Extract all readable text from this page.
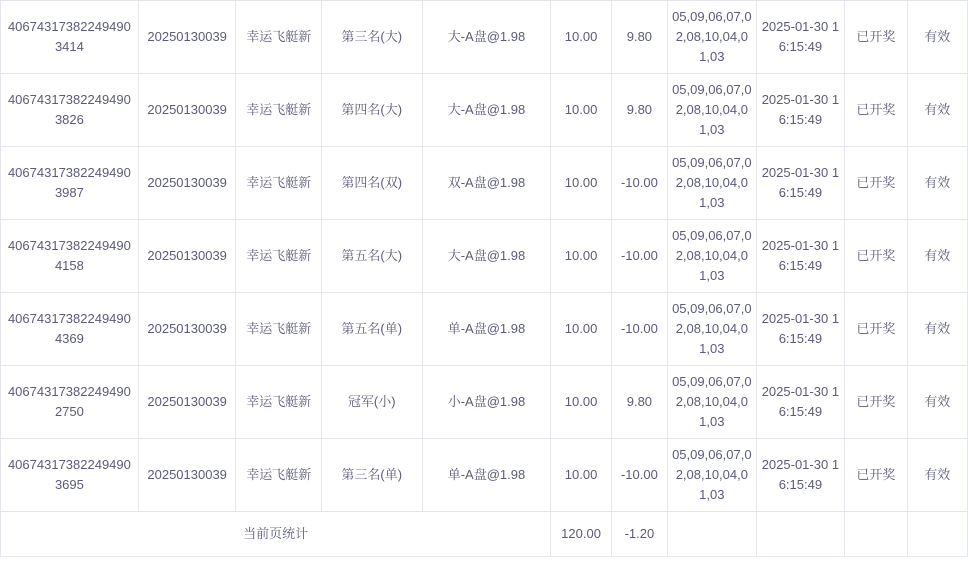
406743173822494903414	20250130039	幸运飞艇新	第三名(大)	大-A盘@1.98	10.00	9.80	05,09,06,07,02,08,10,04,01,03	2025-01-30 16:15:49	已开奖	有效
406743173822494903826	20250130039	幸运飞艇新	第四名(大)	大-A盘@1.98	10.00	9.80	05,09,06,07,02,08,10,04,01,03	2025-01-30 16:15:49	已开奖	有效
406743173822494903987	20250130039	幸运飞艇新	第四名(双)	双-A盘@1.98	10.00	-10.00	05,09,06,07,02,08,10,04,01,03	2025-01-30 16:15:49	已开奖	有效
406743173822494904158	20250130039	幸运飞艇新	第五名(大)	大-A盘@1.98	10.00	-10.00	05,09,06,07,02,08,10,04,01,03	2025-01-30 16:15:49	已开奖	有效
406743173822494904369	20250130039	幸运飞艇新	第五名(单)	单-A盘@1.98	10.00	-10.00	05,09,06,07,02,08,10,04,01,03	2025-01-30 16:15:49	已开奖	有效
406743173822494902750	20250130039	幸运飞艇新	冠军(小)	小-A盘@1.98	10.00	9.80	05,09,06,07,02,08,10,04,01,03	2025-01-30 16:15:49	已开奖	有效
406743173822494903695	20250130039	幸运飞艇新	第三名(单)	单-A盘@1.98	10.00	-10.00	05,09,06,07,02,08,10,04,01,03	2025-01-30 16:15:49	已开奖	有效
当前页统计					120.00	-1.20				
